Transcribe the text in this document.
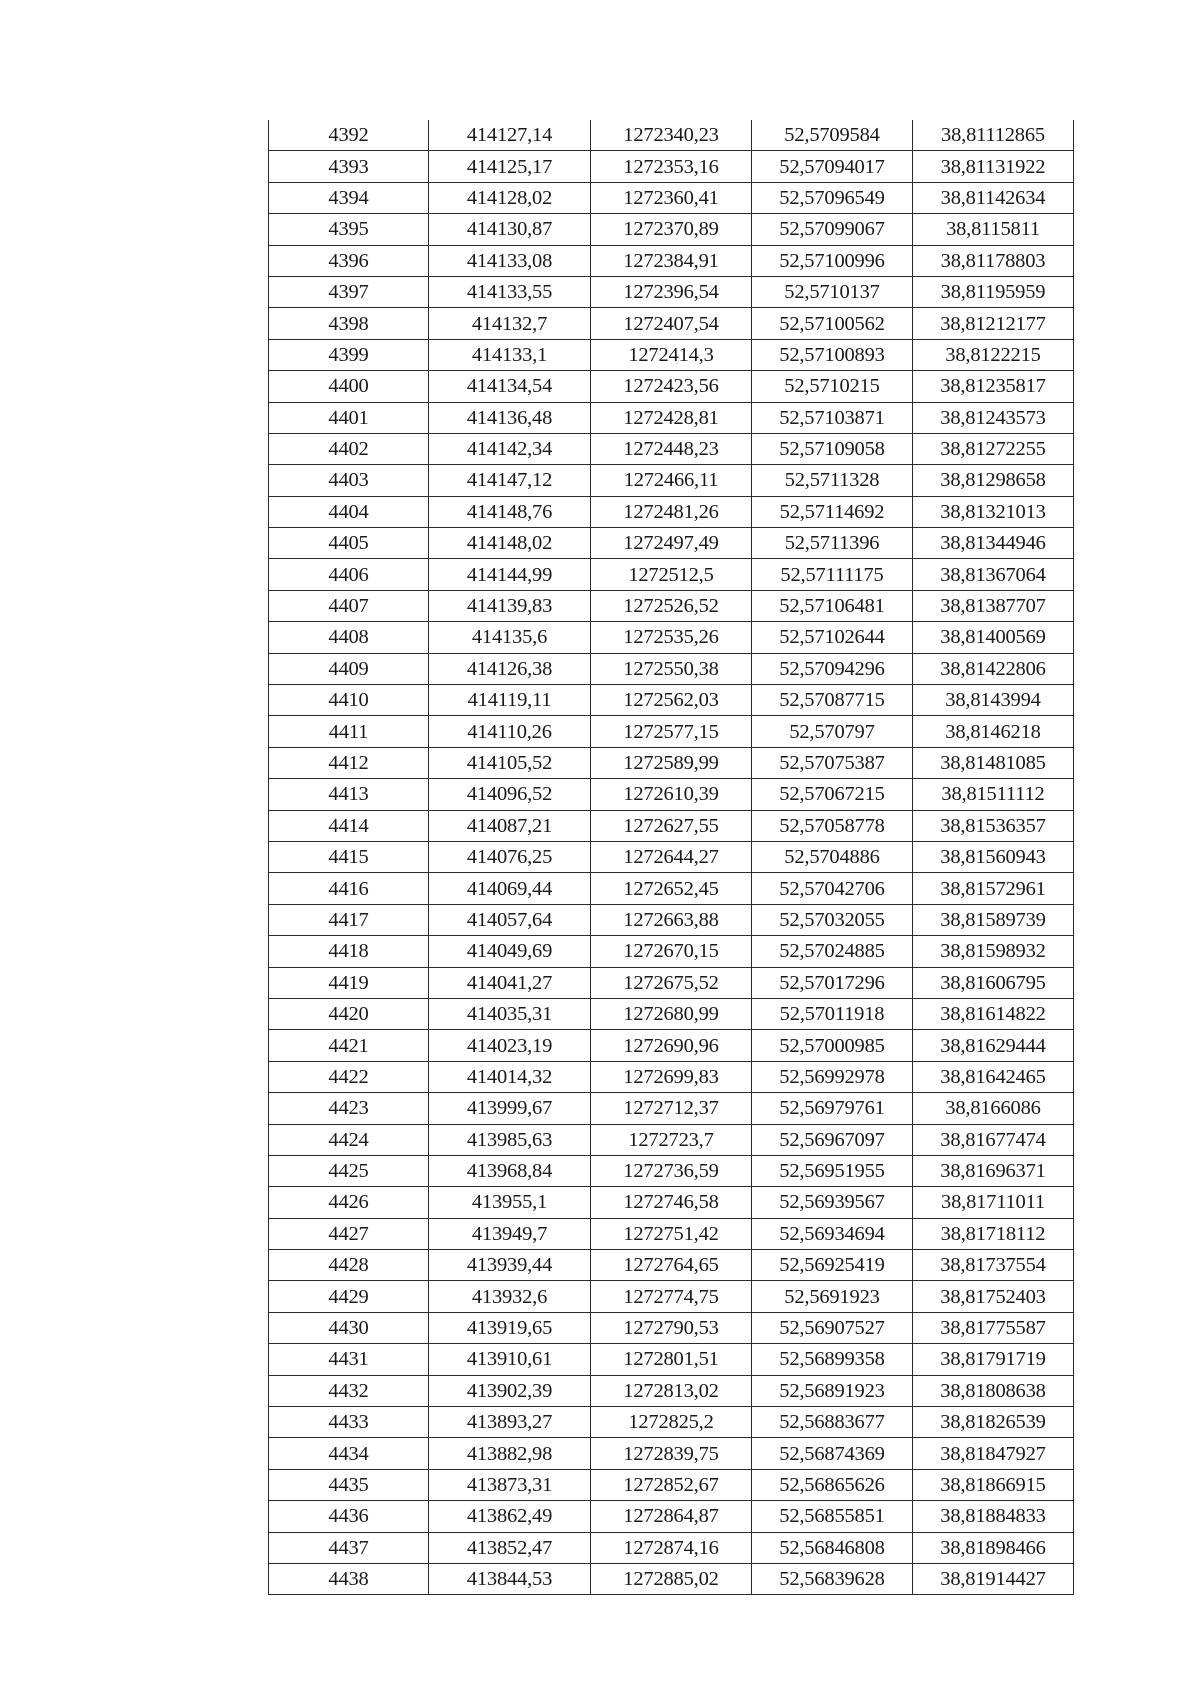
4392	414127,14	1272340,23	52,5709584	38,81112865
4393	414125,17	1272353,16	52,57094017	38,81131922
4394	414128,02	1272360,41	52,57096549	38,81142634
4395	414130,87	1272370,89	52,57099067	38,8115811
4396	414133,08	1272384,91	52,57100996	38,81178803
4397	414133,55	1272396,54	52,5710137	38,81195959
4398	414132,7	1272407,54	52,57100562	38,81212177
4399	414133,1	1272414,3	52,57100893	38,8122215
4400	414134,54	1272423,56	52,5710215	38,81235817
4401	414136,48	1272428,81	52,57103871	38,81243573
4402	414142,34	1272448,23	52,57109058	38,81272255
4403	414147,12	1272466,11	52,5711328	38,81298658
4404	414148,76	1272481,26	52,57114692	38,81321013
4405	414148,02	1272497,49	52,5711396	38,81344946
4406	414144,99	1272512,5	52,57111175	38,81367064
4407	414139,83	1272526,52	52,57106481	38,81387707
4408	414135,6	1272535,26	52,57102644	38,81400569
4409	414126,38	1272550,38	52,57094296	38,81422806
4410	414119,11	1272562,03	52,57087715	38,8143994
4411	414110,26	1272577,15	52,570797	38,8146218
4412	414105,52	1272589,99	52,57075387	38,81481085
4413	414096,52	1272610,39	52,57067215	38,81511112
4414	414087,21	1272627,55	52,57058778	38,81536357
4415	414076,25	1272644,27	52,5704886	38,81560943
4416	414069,44	1272652,45	52,57042706	38,81572961
4417	414057,64	1272663,88	52,57032055	38,81589739
4418	414049,69	1272670,15	52,57024885	38,81598932
4419	414041,27	1272675,52	52,57017296	38,81606795
4420	414035,31	1272680,99	52,57011918	38,81614822
4421	414023,19	1272690,96	52,57000985	38,81629444
4422	414014,32	1272699,83	52,56992978	38,81642465
4423	413999,67	1272712,37	52,56979761	38,8166086
4424	413985,63	1272723,7	52,56967097	38,81677474
4425	413968,84	1272736,59	52,56951955	38,81696371
4426	413955,1	1272746,58	52,56939567	38,81711011
4427	413949,7	1272751,42	52,56934694	38,81718112
4428	413939,44	1272764,65	52,56925419	38,81737554
4429	413932,6	1272774,75	52,5691923	38,81752403
4430	413919,65	1272790,53	52,56907527	38,81775587
4431	413910,61	1272801,51	52,56899358	38,81791719
4432	413902,39	1272813,02	52,56891923	38,81808638
4433	413893,27	1272825,2	52,56883677	38,81826539
4434	413882,98	1272839,75	52,56874369	38,81847927
4435	413873,31	1272852,67	52,56865626	38,81866915
4436	413862,49	1272864,87	52,56855851	38,81884833
4437	413852,47	1272874,16	52,56846808	38,81898466
4438	413844,53	1272885,02	52,56839628	38,81914427
